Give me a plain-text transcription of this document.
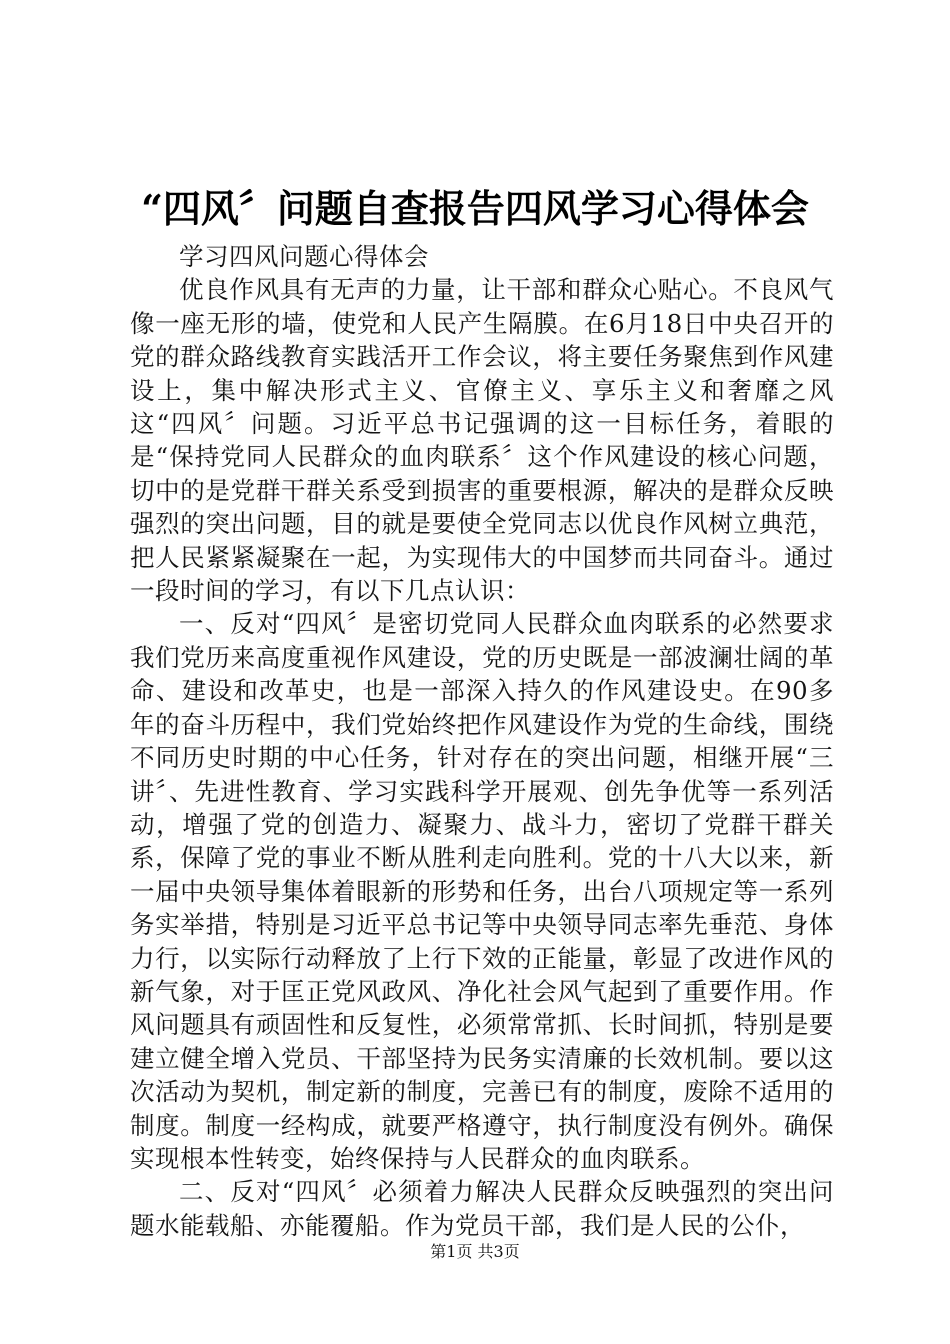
“四风〞问题自查报告四风学习心得体会

学习四风问题心得体会

优良作风具有无声的力量，让干部和群众心贴心。不良风气像一座无形的墙，使党和人民产生隔膜。在6月18日中央召开的党的群众路线教育实践活开工作会议，将主要任务聚焦到作风建设上，集中解决形式主义、官僚主义、享乐主义和奢靡之风这“四风〞问题。习近平总书记强调的这一目标任务，着眼的是“保持党同人民群众的血肉联系〞这个作风建设的核心问题，切中的是党群干群关系受到损害的重要根源，解决的是群众反映强烈的突出问题，目的就是要使全党同志以优良作风树立典范，把人民紧紧凝聚在一起，为实现伟大的中国梦而共同奋斗。通过一段时间的学习，有以下几点认识：

一、反对“四风〞是密切党同人民群众血肉联系的必然要求我们党历来高度重视作风建设，党的历史既是一部波澜壮阔的革命、建设和改革史，也是一部深入持久的作风建设史。在90多年的奋斗历程中，我们党始终把作风建设作为党的生命线，围绕不同历史时期的中心任务，针对存在的突出问题，相继开展“三讲〞、先进性教育、学习实践科学开展观、创先争优等一系列活动，增强了党的创造力、凝聚力、战斗力，密切了党群干群关系，保障了党的事业不断从胜利走向胜利。党的十八大以来，新一届中央领导集体着眼新的形势和任务，出台八项规定等一系列务实举措，特别是习近平总书记等中央领导同志率先垂范、身体力行，以实际行动释放了上行下效的正能量，彰显了改进作风的新气象，对于匡正党风政风、净化社会风气起到了重要作用。作风问题具有顽固性和反复性，必须常常抓、长时间抓，特别是要建立健全增入党员、干部坚持为民务实清廉的长效机制。要以这次活动为契机，制定新的制度，完善已有的制度，废除不适用的制度。制度一经构成，就要严格遵守，执行制度没有例外。确保实现根本性转变，始终保持与人民群众的血肉联系。

二、反对“四风〞必须着力解决人民群众反映强烈的突出问题水能载船、亦能覆船。作为党员干部，我们是人民的公仆，

第1页 共3页
